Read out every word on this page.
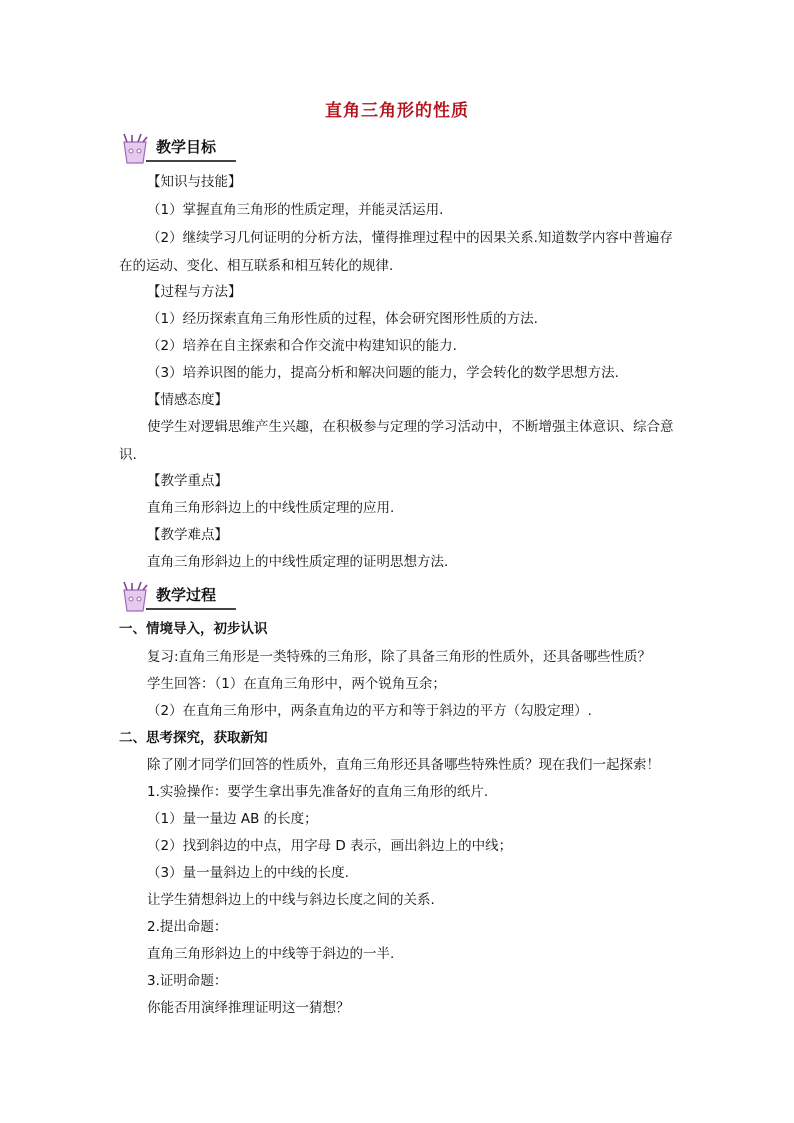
直角三角形的性质
教学目标
【知识与技能】
（1）掌握直角三角形的性质定理，并能灵活运用.
（2）继续学习几何证明的分析方法，懂得推理过程中的因果关系.知道数学内容中普遍存在的运动、变化、相互联系和相互转化的规律.
【过程与方法】
（1）经历探索直角三角形性质的过程，体会研究图形性质的方法.
（2）培养在自主探索和合作交流中构建知识的能力.
（3）培养识图的能力，提高分析和解决问题的能力，学会转化的数学思想方法.
【情感态度】
使学生对逻辑思维产生兴趣，在积极参与定理的学习活动中，不断增强主体意识、综合意识.
【教学重点】
直角三角形斜边上的中线性质定理的应用.
【教学难点】
直角三角形斜边上的中线性质定理的证明思想方法.
教学过程
一、情境导入，初步认识
复习:直角三角形是一类特殊的三角形，除了具备三角形的性质外，还具备哪些性质？
学生回答：（1）在直角三角形中，两个锐角互余；
（2）在直角三角形中，两条直角边的平方和等于斜边的平方（勾股定理）.
二、思考探究，获取新知
除了刚才同学们回答的性质外，直角三角形还具备哪些特殊性质？现在我们一起探索！
1.实验操作：要学生拿出事先准备好的直角三角形的纸片.
（1）量一量边 AB 的长度；
（2）找到斜边的中点，用字母 D 表示，画出斜边上的中线；
（3）量一量斜边上的中线的长度.
让学生猜想斜边上的中线与斜边长度之间的关系.
2.提出命题：
直角三角形斜边上的中线等于斜边的一半.
3.证明命题：
你能否用演绎推理证明这一猜想？
